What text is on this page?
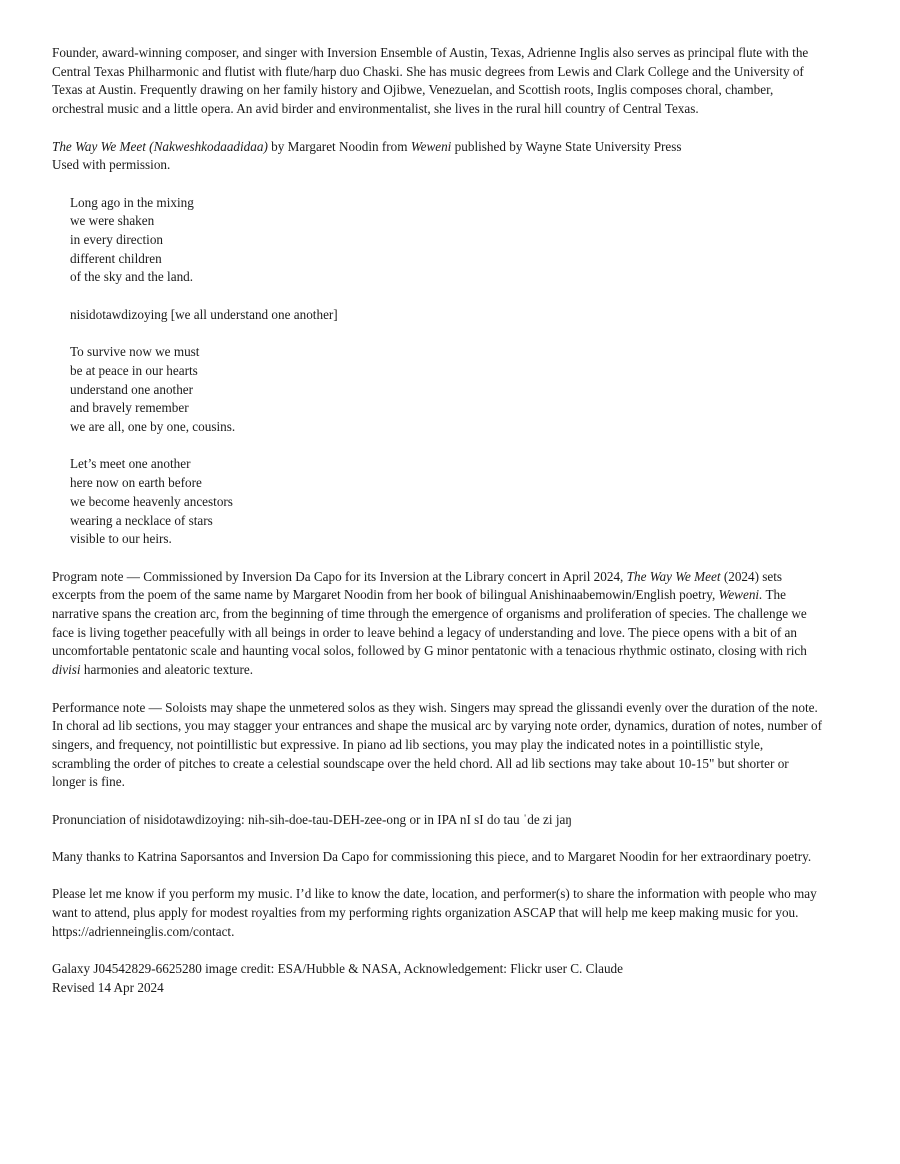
Founder, award-winning composer, and singer with Inversion Ensemble of Austin, Texas, Adrienne Inglis also serves as principal flute with the Central Texas Philharmonic and flutist with flute/harp duo Chaski. She has music degrees from Lewis and Clark College and the University of Texas at Austin. Frequently drawing on her family history and Ojibwe, Venezuelan, and Scottish roots, Inglis composes choral, chamber, orchestral music and a little opera. An avid birder and environmentalist, she lives in the rural hill country of Central Texas.

The Way We Meet (Nakweshkodaadidaa) by Margaret Noodin from Weweni published by Wayne State University Press
Used with permission.

Long ago in the mixing
we were shaken
in every direction
different children
of the sky and the land.
nisidotawdizoying [we all understand one another]
To survive now we must
be at peace in our hearts
understand one another
and bravely remember
we are all, one by one, cousins.
Let’s meet one another
here now on earth before
we become heavenly ancestors
wearing a necklace of stars
visible to our heirs.

Program note — Commissioned by Inversion Da Capo for its Inversion at the Library concert in April 2024, The Way We Meet (2024) sets excerpts from the poem of the same name by Margaret Noodin from her book of bilingual Anishinaabemowin/English poetry, Weweni. The narrative spans the creation arc, from the beginning of time through the emergence of organisms and proliferation of species. The challenge we face is living together peacefully with all beings in order to leave behind a legacy of understanding and love. The piece opens with a bit of an uncomfortable pentatonic scale and haunting vocal solos, followed by G minor pentatonic with a tenacious rhythmic ostinato, closing with rich divisi harmonies and aleatoric texture.

Performance note — Soloists may shape the unmetered solos as they wish. Singers may spread the glissandi evenly over the duration of the note. In choral ad lib sections, you may stagger your entrances and shape the musical arc by varying note order, dynamics, duration of notes, number of singers, and frequency, not pointillistic but expressive. In piano ad lib sections, you may play the indicated notes in a pointillistic style, scrambling the order of pitches to create a celestial soundscape over the held chord. All ad lib sections may take about 10-15" but shorter or longer is fine.

Pronunciation of nisidotawdizoying: nih-sih-doe-tau-DEH-zee-ong or in IPA nI sI do tau ˈde zi jaŋ

Many thanks to Katrina Saporsantos and Inversion Da Capo for commissioning this piece, and to Margaret Noodin for her extraordinary poetry.

Please let me know if you perform my music. I’d like to know the date, location, and performer(s) to share the information with people who may want to attend, plus apply for modest royalties from my performing rights organization ASCAP that will help me keep making music for you. https://adrienneinglis.com/contact.

Galaxy J04542829-6625280 image credit: ESA/Hubble & NASA, Acknowledgement: Flickr user C. Claude
Revised 14 Apr 2024
